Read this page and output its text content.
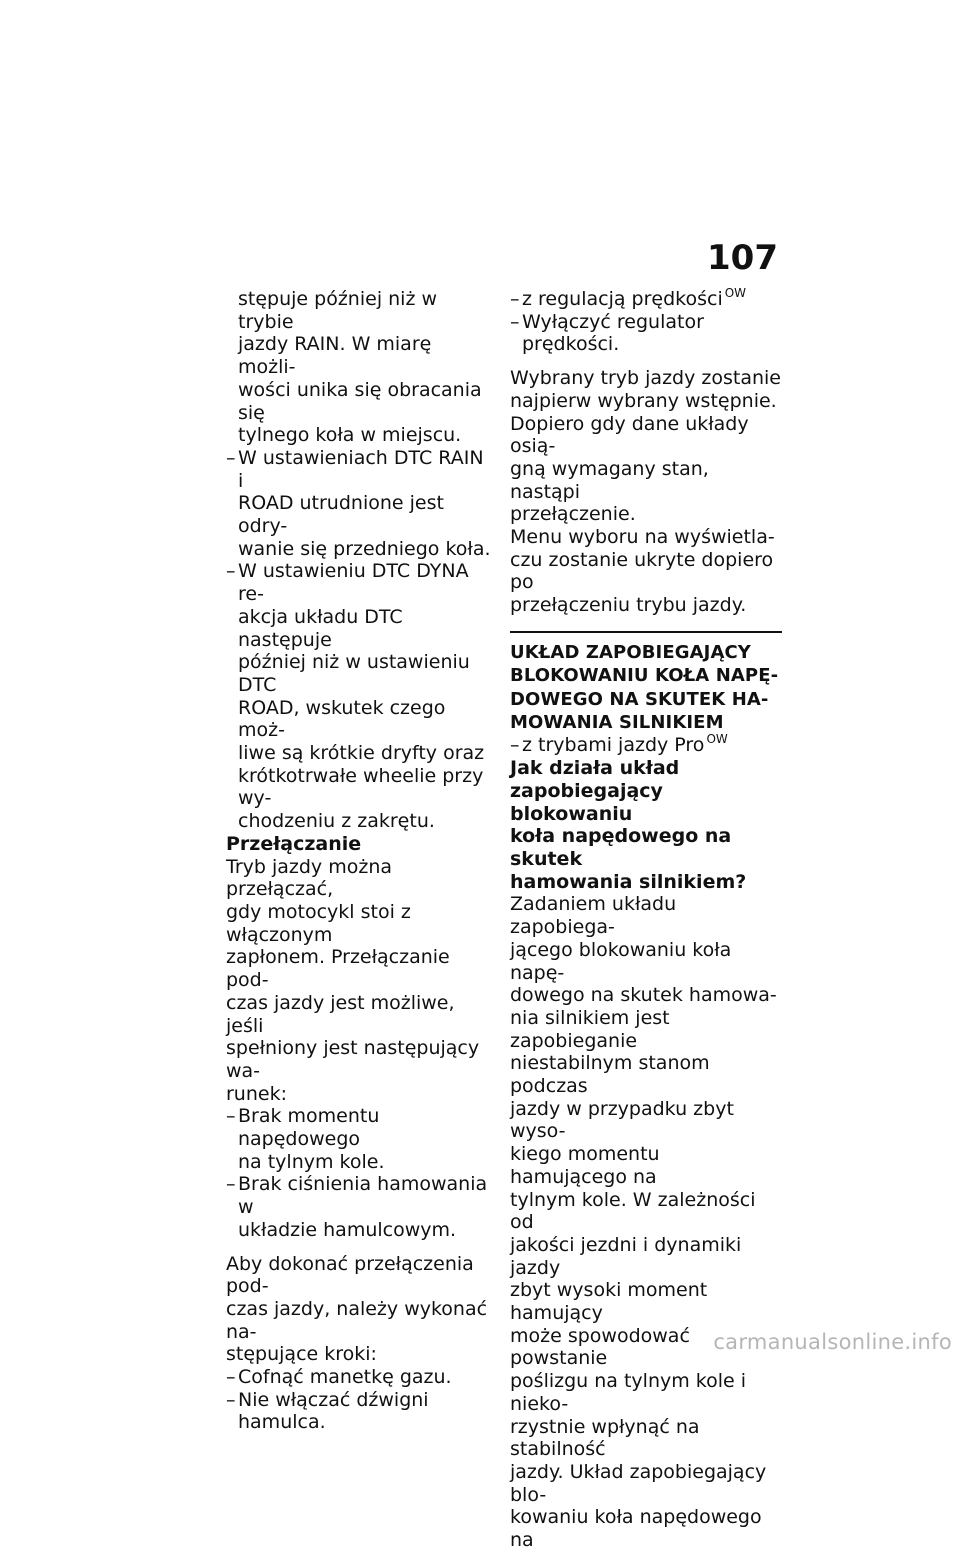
107
stępuje później niż w trybie
jazdy RAIN. W miarę możli-
wości unika się obracania się
tylnego koła w miejscu.
– W ustawieniach DTC RAIN i
ROAD utrudnione jest odry-
wanie się przedniego koła.
– W ustawieniu DTC DYNA re-
akcja układu DTC następuje
później niż w ustawieniu DTC
ROAD, wskutek czego moż-
liwe są krótkie dryfty oraz
krótkotrwałe wheelie przy wy-
chodzeniu z zakrętu.
Przełączanie
Tryb jazdy można przełączać,
gdy motocykl stoi z włączonym
zapłonem. Przełączanie pod-
czas jazdy jest możliwe, jeśli
spełniony jest następujący wa-
runek:
– Brak momentu napędowego
na tylnym kole.
– Brak ciśnienia hamowania w
układzie hamulcowym.
Aby dokonać przełączenia pod-
czas jazdy, należy wykonać na-
stępujące kroki:
– Cofnąć manetkę gazu.
– Nie włączać dźwigni hamulca.
– z regulacją prędkości $^{OW}$
– Wyłączyć regulator prędkości.
Wybrany tryb jazdy zostanie
najpierw wybrany wstępnie.
Dopiero gdy dane układy osią-
gną wymagany stan, nastąpi
przełączenie.
Menu wyboru na wyświetla-
czu zostanie ukryte dopiero po
przełączeniu trybu jazdy.
UKŁAD ZAPOBIEGAJĄCY
BLOKOWANIU KOŁA NAPĘ-
DOWEGO NA SKUTEK HA-
MOWANIA SILNIKIEM
– z trybami jazdy Pro $^{OW}$
Jak działa układ
zapobiegający blokowaniu
koła napędowego na skutek
hamowania silnikiem?
Zadaniem układu zapobiega-
jącego blokowaniu koła napę-
dowego na skutek hamowa-
nia silnikiem jest zapobieganie
niestabilnym stanom podczas
jazdy w przypadku zbyt wyso-
kiego momentu hamującego na
tylnym kole. W zależności od
jakości jezdni i dynamiki jazdy
zbyt wysoki moment hamujący
może spowodować powstanie
poślizgu na tylnym kole i nieko-
rzystnie wpłynąć na stabilność
jazdy. Układ zapobiegający blo-
kowaniu koła napędowego na
carmanualsonline.info
